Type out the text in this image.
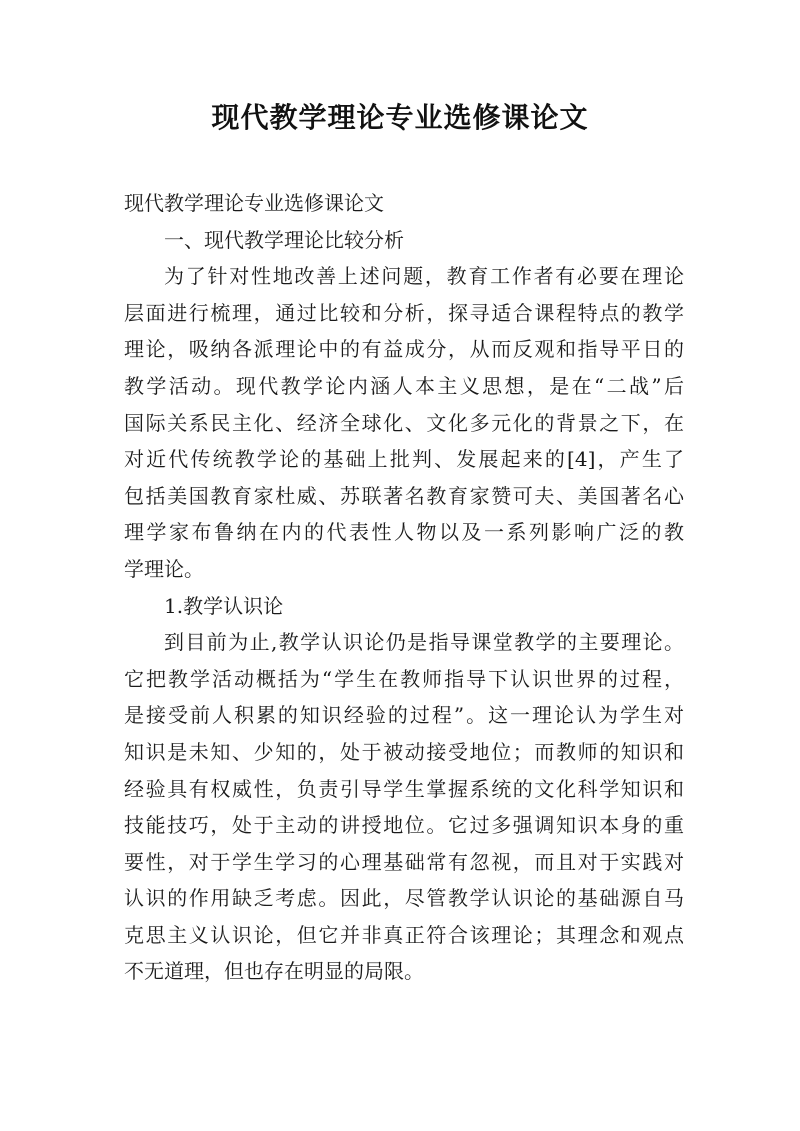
现代教学理论专业选修课论文

现代教学理论专业选修课论文

一、现代教学理论比较分析

为了针对性地改善上述问题，教育工作者有必要在理论

层面进行梳理，通过比较和分析，探寻适合课程特点的教学

理论，吸纳各派理论中的有益成分，从而反观和指导平日的

教学活动。现代教学论内涵人本主义思想，是在“二战”后

国际关系民主化、经济全球化、文化多元化的背景之下，在

对近代传统教学论的基础上批判、发展起来的[4]，产生了

包括美国教育家杜威、苏联著名教育家赞可夫、美国著名心

理学家布鲁纳在内的代表性人物以及一系列影响广泛的教

学理论。

1.教学认识论

到目前为止,教学认识论仍是指导课堂教学的主要理论。

它把教学活动概括为“学生在教师指导下认识世界的过程，

是接受前人积累的知识经验的过程”。这一理论认为学生对

知识是未知、少知的，处于被动接受地位；而教师的知识和

经验具有权威性，负责引导学生掌握系统的文化科学知识和

技能技巧，处于主动的讲授地位。它过多强调知识本身的重

要性，对于学生学习的心理基础常有忽视，而且对于实践对

认识的作用缺乏考虑。因此，尽管教学认识论的基础源自马

克思主义认识论，但它并非真正符合该理论；其理念和观点

不无道理，但也存在明显的局限。
